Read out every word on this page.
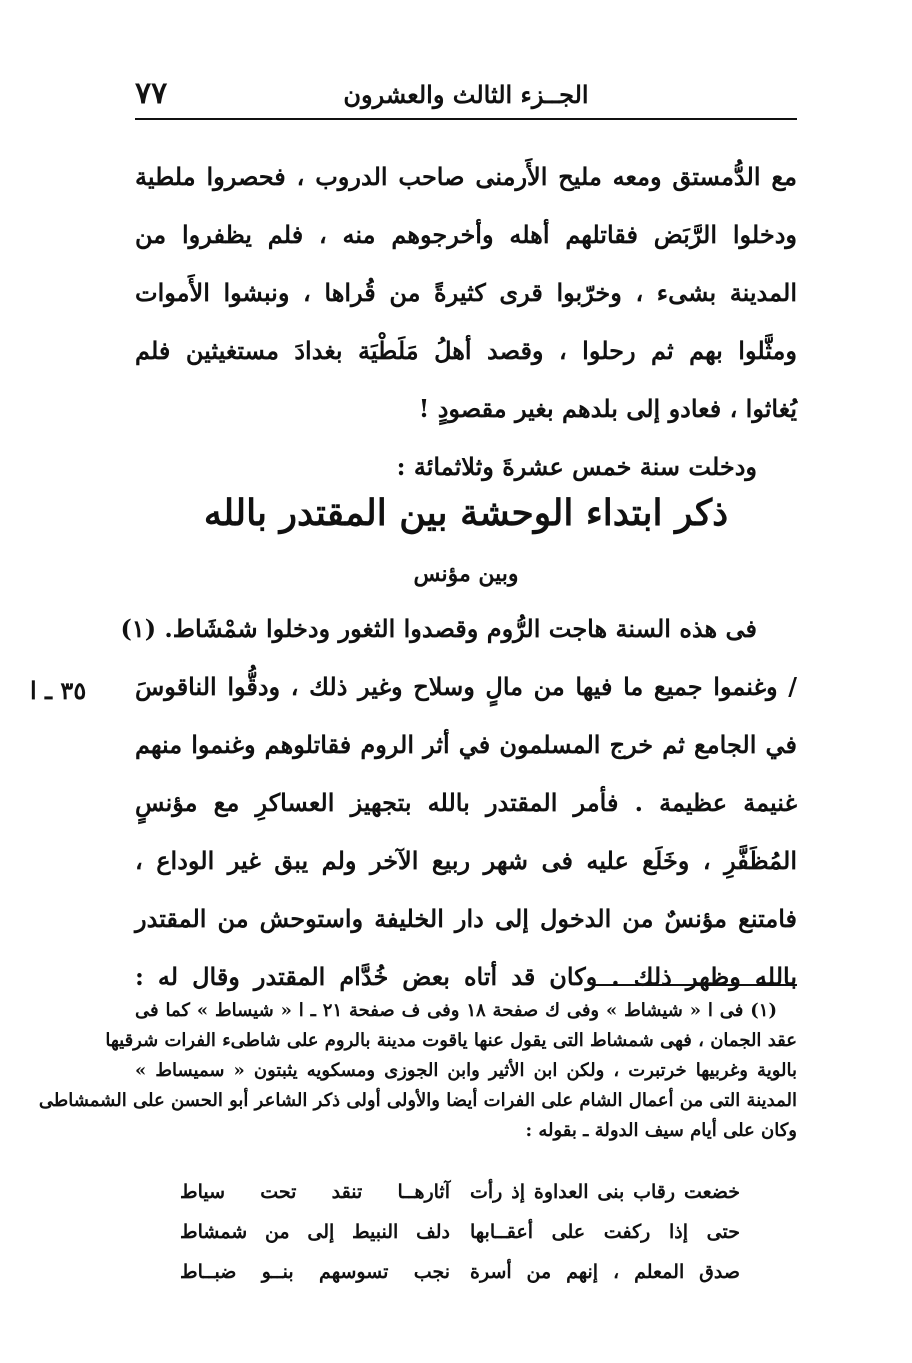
٧٧	الجــزء الثالث والعشرون
مع الدُّمستق ومعه مليح الأَرمنى صاحب الدروب ، فحصروا ملطية
ودخلوا الرَّبَض فقاتلهم أهله وأخرجوهم منه ، فلم يظفروا من
المدينة بشىء ، وخرّبوا قرى كثيرةً من قُراها ، ونبشوا الأَموات
ومثَّلوا بهم ثم رحلوا ، وقصد أهلُ مَلَطْيَة بغدادَ مستغيثين فلم
يُغاثوا ، فعادو إلى بلدهم بغير مقصودٍ !
ودخلت سنة خمس عشرةَ وثلاثمائة :
ذكر ابتداء الوحشة بين المقتدر بالله
وبين مؤنس
فى هذه السنة هاجت الرُّوم وقصدوا الثغور ودخلوا شمْشَاط. (١)
/ وغنموا جميع ما فيها من مالٍ وسلاح وغير ذلك ، ودقُّوا الناقوسَ
في الجامع ثم خرج المسلمون في أثر الروم فقاتلوهم وغنموا منهم
غنيمة عظيمة . فأمر المقتدر بالله بتجهيز العساكرِ مع مؤنسٍ
المُظَفَّرِ ، وخَلَع عليه فى شهر ربيع الآخر ولم يبق غير الوداع ،
فامتنع مؤنسٌ من الدخول إلى دار الخليفة واستوحش من المقتدر
بالله وظهر ذلك . وكان قد أتاه بعض خُدَّام المقتدر وقال له :
٣٥ ـ ا
(١) فى ا « شيشاط » وفى ك صفحة ١٨ وفى ف صفحة ٢١ ـ ا « شيساط » كما فى
عقد الجمان ، فهى شمشاط التى يقول عنها ياقوت مدينة بالروم على شاطىء الفرات شرقيها
بالوية وغربيها خرتبرت ، ولكن ابن الأثير وابن الجوزى ومسكويه يثبتون « سميساط »
المدينة التى من أعمال الشام على الفرات أيضا والأولى أولى ذكر الشاعر أبو الحسن على الشمشاطى
وكان على أيام سيف الدولة ـ بقوله :
خضعت رقاب بنى العداوة إذ رأت
آثارهــا تنقد تحت سياط
حتى إذا ركفت على أعقــابها
دلف النبيط إلى من شمشاط
صدق المعلم ، إنهم من أسرة
نجب تسوسهم بنــو ضبــاط
